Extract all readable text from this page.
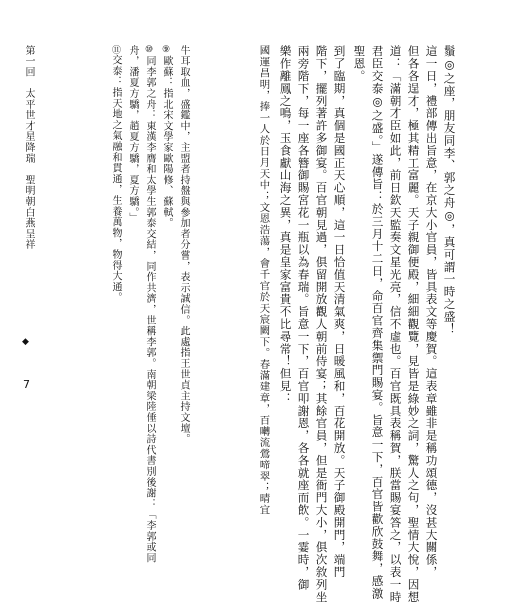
鬚◎之座，朋友同李、郭之舟◎，真可謂一時之盛！
這一日，禮部傳出旨意，在京大小官員，皆具表文等慶賀。這表章雖非是稱功頌德，沒甚大關係，
但各各逞才，極其精工富麗。天子親御便殿，細細觀覽，見皆是綠妙之詞，驚人之句，聖情大悅，因想
道：「滿朝才臣如此，前日欽天監奏文星光亮，信不虛也。百官既具表稱賀，朕當賜宴答之，以表一時
君臣交泰◎之盛。」遂傳旨：於三月十二日，命百官齊集禦門賜宴。旨意一下，百官皆歡欣鼓舞，感激
聖恩。
到了臨期，真個是國正天心順，這一日恰值天清氣爽，日暖風和，百花開放。天子御殿開門，端門
階下，擺列著許多御宴。百官朝見過，俱留開放觀人朝前侍宴；其餘官員，但是衙門大小，俱次敘列坐
兩旁階下，每一座各簪御賜宮花一瓶以為春瑞。旨意一下，百官叩謝恩，各各就座而飲。一霎時，御
樂作離鳳之鳴，玉食獻山海之異，真是皇家富貴不比尋常！但見：
國運昌明，捧一人於日月天中；文恩浩蕩，會千官於天宸闕下。春滿建章，百囀流鶯啼翠；晴宜
牛耳取血，盛鑑中，主盟者持盤與參加者分嘗，表示誠信。此處指王世貞主持文壇。
⑨歐蘇：指北宋文學家歐陽修、蘇軾。
⑩同李郭之舟：東漢李膺和太學生郭泰交結，同作共濟，世稱李郭。南朝梁陸倕以詩代書別後謝：「李郭或同
舟，潘夏方驕，趙夏方驕，夏方驕。」
⑪交泰：指天地之氣融和貫通，生養萬物，物得大通。
第一回　太平世才星降瑞　聖明朝白燕呈祥
◆
7
